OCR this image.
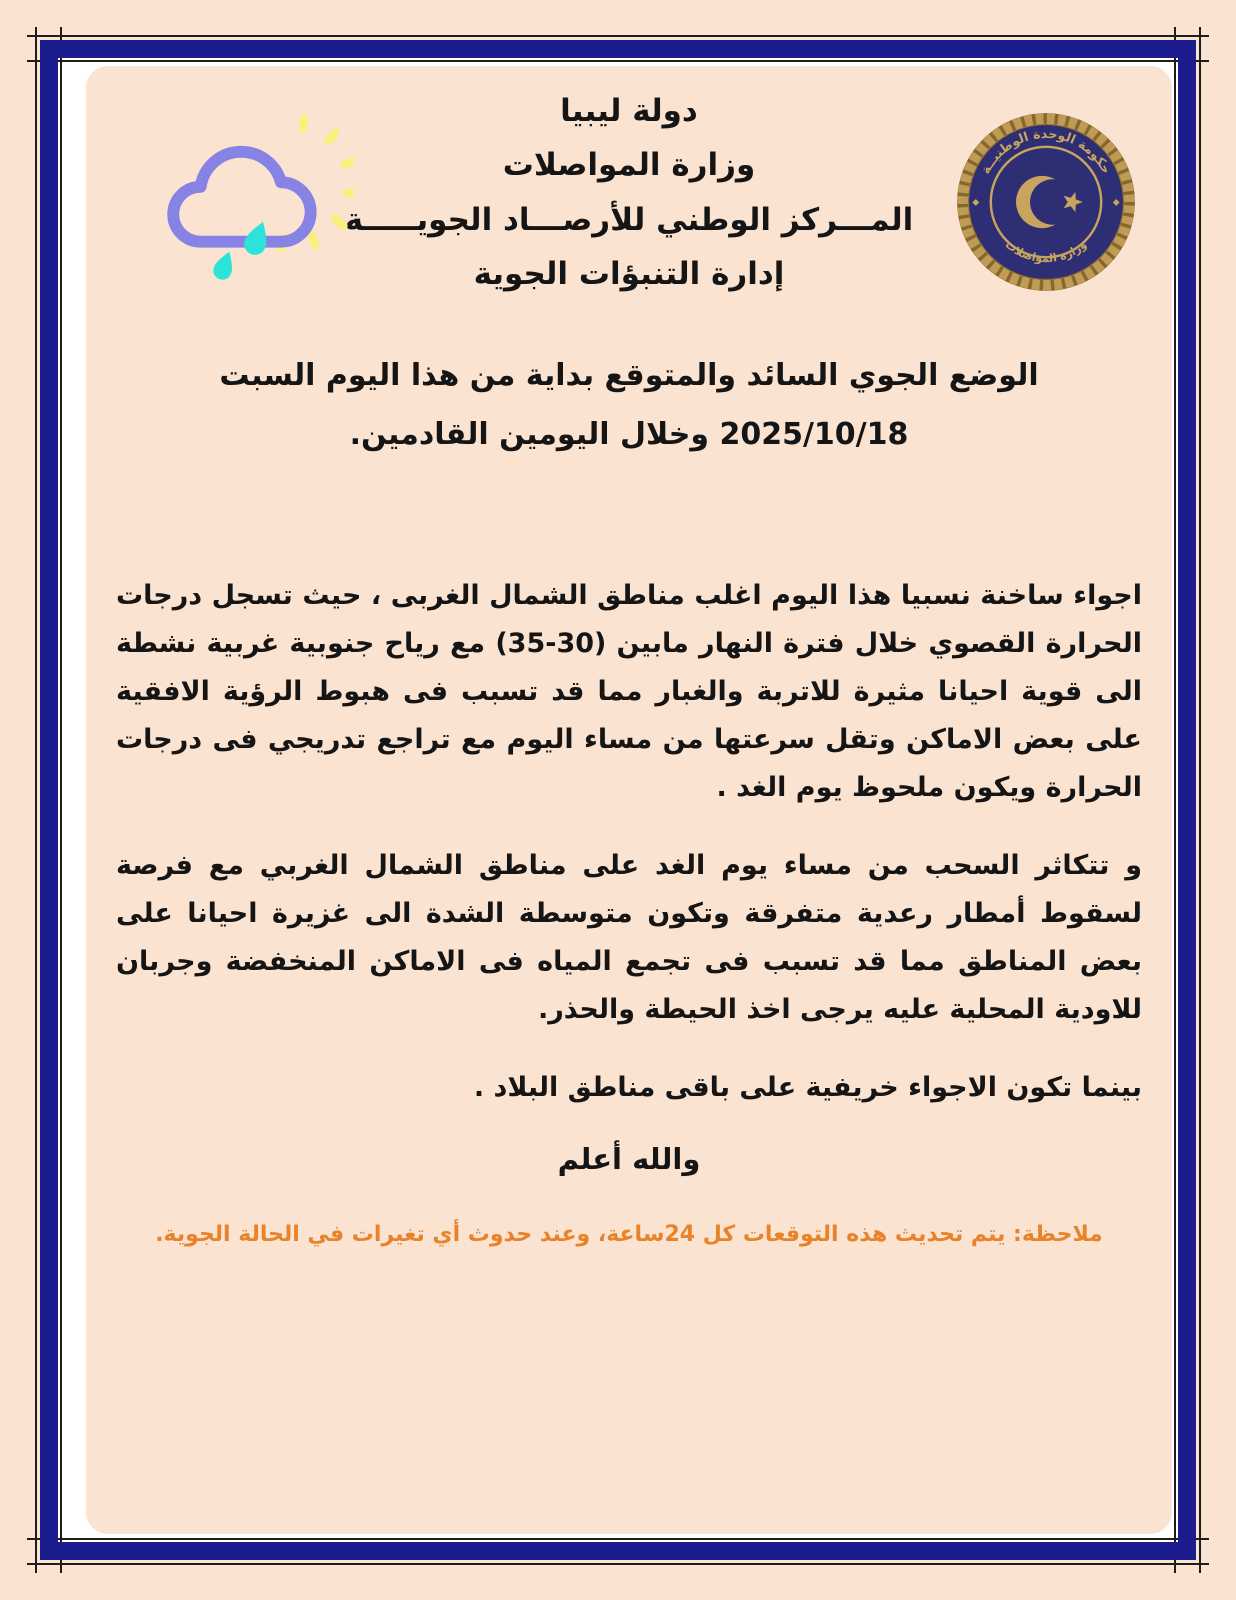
حكومة الوحدة الوطنيــة
وزارة المواصلات
دولة ليبيا
وزارة المواصلات
المـــركز الوطني للأرصـــاد الجويـــــة
إدارة التنبؤات الجوية
الوضع الجوي السائد والمتوقع بداية من هذا اليوم السبت
2025/10/18 وخلال اليومين القادمين.

اجواء ساخنة نسبيا هذا اليوم اغلب مناطق الشمال الغربى ، حيث تسجل درجات الحرارة القصوي خلال فترة النهار مابين (30-35) مع رياح جنوبية غربية نشطة الى قوية احيانا مثيرة للاتربة والغبار مما قد تسبب فى هبوط الرؤية الافقية على بعض الاماكن وتقل سرعتها من مساء اليوم مع تراجع تدريجي فى درجات الحرارة ويكون ملحوظ يوم الغد .

و تتكاثر السحب من مساء يوم الغد على مناطق الشمال الغربي مع فرصة لسقوط أمطار رعدية متفرقة وتكون متوسطة الشدة الى غزيرة احيانا على بعض المناطق مما قد تسبب فى تجمع المياه فى الاماكن المنخفضة وجربان للاودية المحلية عليه يرجى اخذ الحيطة والحذر.

بينما تكون الاجواء خريفية على باقى مناطق البلاد .

والله أعلم
ملاحظة: يتم تحديث هذه التوقعات كل 24ساعة، وعند حدوث أي تغيرات في الحالة الجوية.
